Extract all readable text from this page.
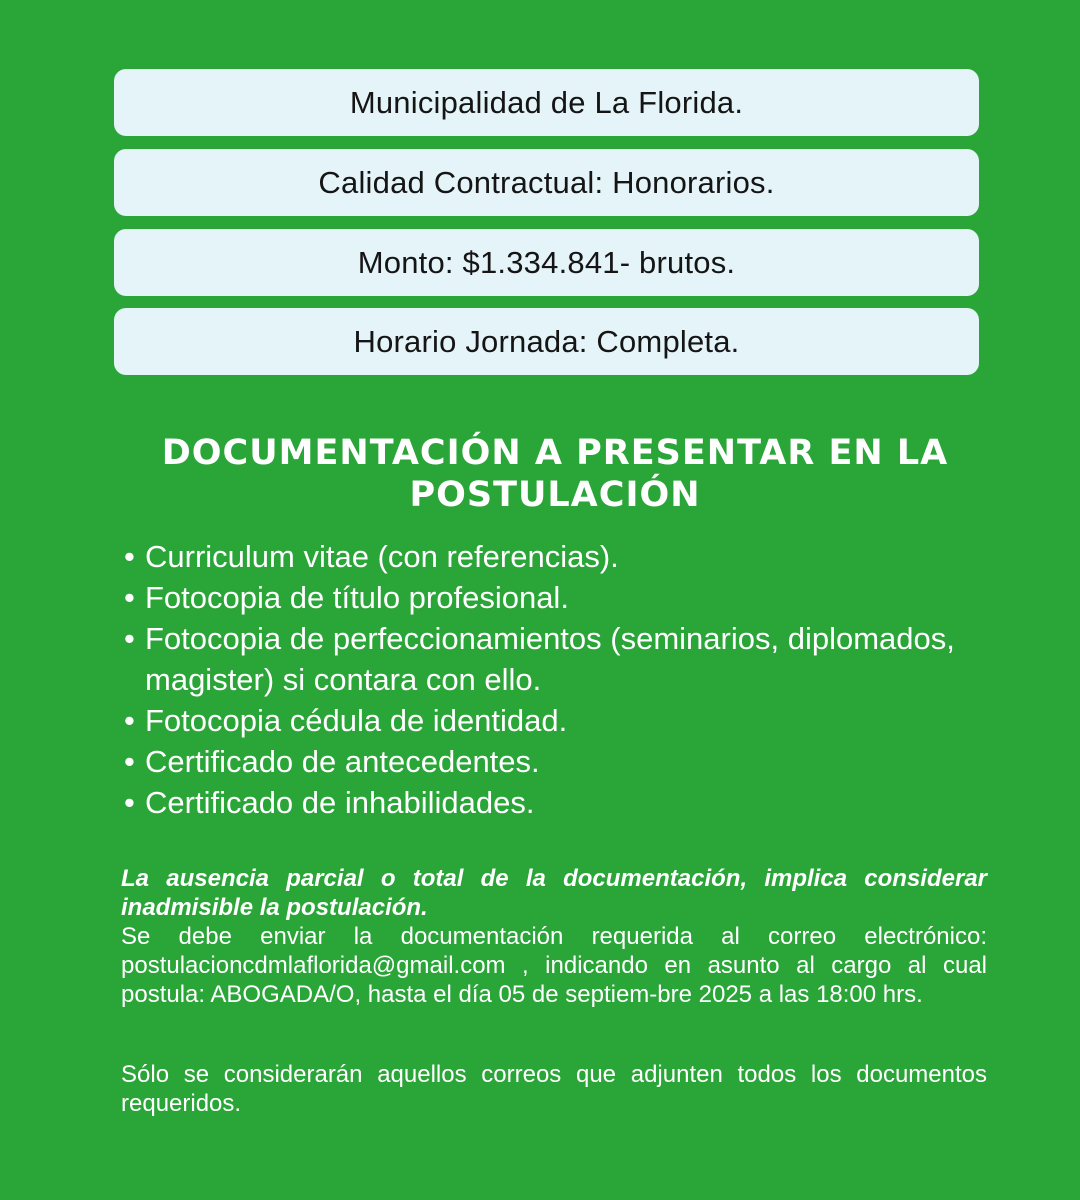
Municipalidad de La Florida.
Calidad Contractual: Honorarios.
Monto: $1.334.841- brutos.
Horario Jornada: Completa.
DOCUMENTACIÓN A PRESENTAR EN LA POSTULACIÓN
• Curriculum vitae (con referencias).
• Fotocopia de título profesional.
• Fotocopia de perfeccionamientos (seminarios, diplomados, magister) si contara con ello.
• Fotocopia cédula de identidad.
• Certificado de antecedentes.
• Certificado de inhabilidades.

La ausencia parcial o total de la documentación, implica considerar inadmisible la postulación.
Se debe enviar la documentación requerida al correo electrónico: postulacioncdmlaflorida@gmail.com , indicando en asunto al cargo al cual postula: ABOGADA/O, hasta el día 05 de septiem-bre 2025 a las 18:00 hrs.

Sólo se considerarán aquellos correos que adjunten todos los documentos requeridos.
